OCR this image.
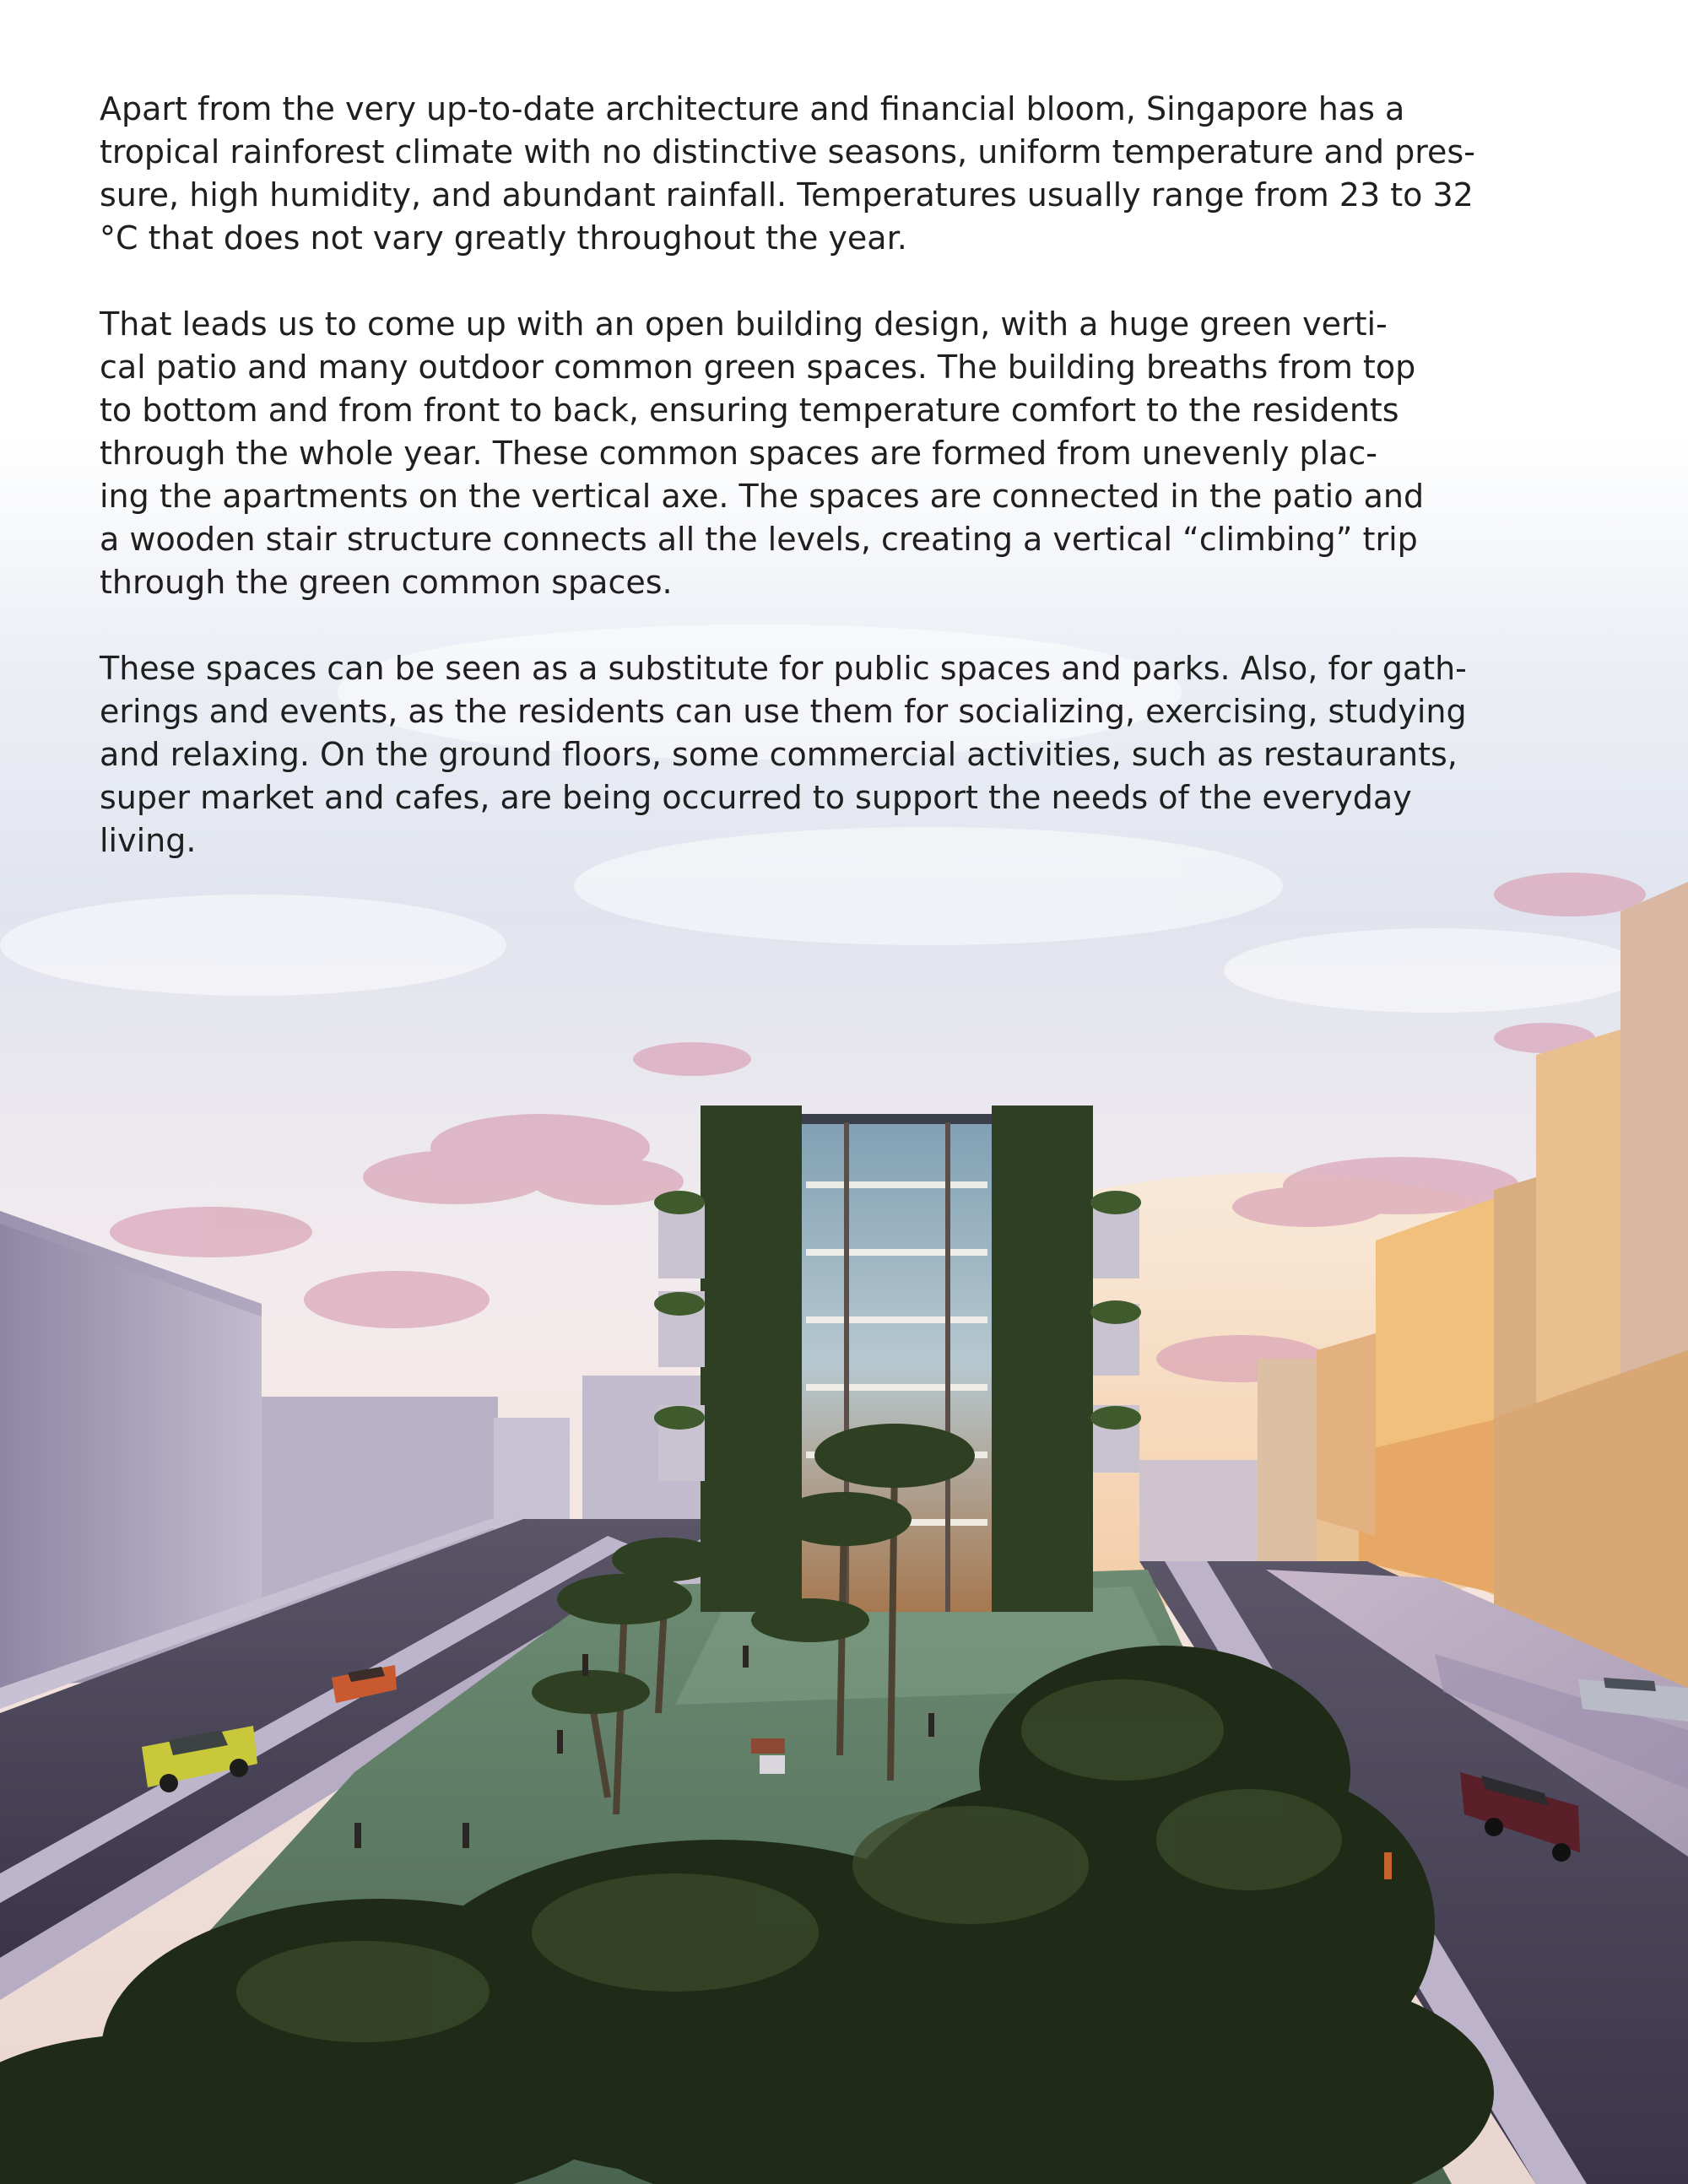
Apart from the very up-to-date architecture and financial bloom, Singapore has a
tropical rainforest climate with no distinctive seasons, uniform temperature and pres-
sure, high humidity, and abundant rainfall. Temperatures usually range from 23 to 32
°C that does not vary greatly throughout the year.

That leads us to come up with an open building design, with a huge green verti-
cal patio and many outdoor common green spaces. The building breaths from top
to bottom and from front to back, ensuring temperature comfort to the residents
through the whole year. These common spaces are formed from unevenly plac-
ing the apartments on the vertical axe. The spaces are connected in the patio and
a wooden stair structure connects all the levels, creating a vertical “climbing” trip
through the green common spaces.

These spaces can be seen as a substitute for public spaces and parks. Also, for gath-
erings and events, as the residents can use them for socializing, exercising, studying
and relaxing. On the ground floors, some commercial activities, such as restaurants,
super market and cafes, are being occurred to support the needs of the everyday
living.
